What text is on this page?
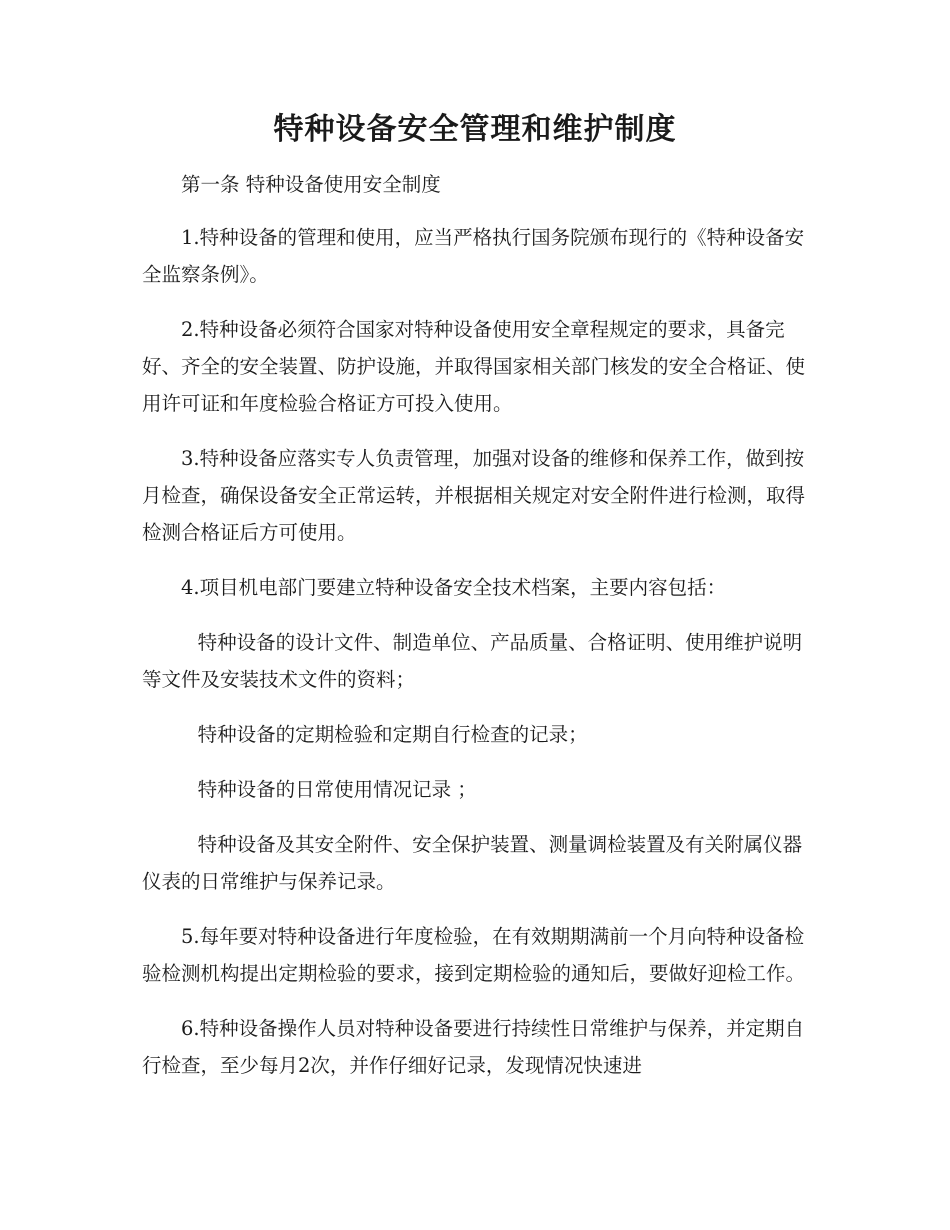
特种设备安全管理和维护制度

第一条 特种设备使用安全制度

1.特种设备的管理和使用，应当严格执行国务院颁布现行的《特种设备安全监察条例》。

2.特种设备必须符合国家对特种设备使用安全章程规定的要求，具备完好、齐全的安全装置、防护设施，并取得国家相关部门核发的安全合格证、使用许可证和年度检验合格证方可投入使用。

3.特种设备应落实专人负责管理，加强对设备的维修和保养工作，做到按月检查，确保设备安全正常运转，并根据相关规定对安全附件进行检测，取得检测合格证后方可使用。

4.项目机电部门要建立特种设备安全技术档案，主要内容包括：

特种设备的设计文件、制造单位、产品质量、合格证明、使用维护说明等文件及安装技术文件的资料；

特种设备的定期检验和定期自行检查的记录；

特种设备的日常使用情况记录 ；

特种设备及其安全附件、安全保护装置、测量调检装置及有关附属仪器仪表的日常维护与保养记录。

5.每年要对特种设备进行年度检验，在有效期期满前一个月向特种设备检验检测机构提出定期检验的要求，接到定期检验的通知后，要做好迎检工作。

6.特种设备操作人员对特种设备要进行持续性日常维护与保养，并定期自行检查，至少每月2次，并作仔细好记录，发现情况快速进
